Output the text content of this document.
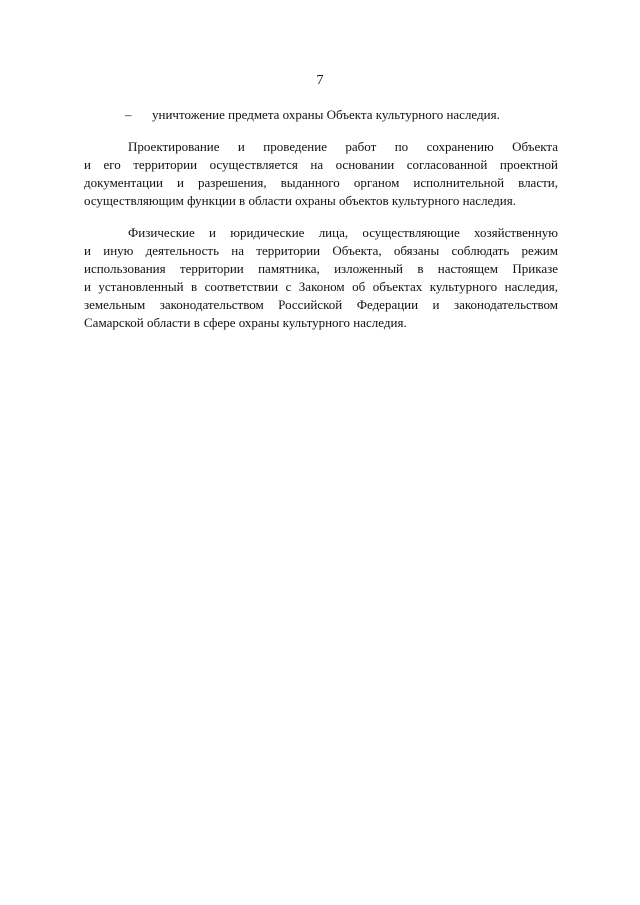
7
– уничтожение предмета охраны Объекта культурного наследия.
Проектирование и проведение работ по сохранению Объекта
и его территории осуществляется на основании согласованной проектной
документации и разрешения, выданного органом исполнительной власти,
осуществляющим функции в области охраны объектов культурного наследия.
Физические и юридические лица, осуществляющие хозяйственную
и иную деятельность на территории Объекта, обязаны соблюдать режим
использования территории памятника, изложенный в настоящем Приказе
и установленный в соответствии с Законом об объектах культурного наследия,
земельным законодательством Российской Федерации и законодательством
Самарской области в сфере охраны культурного наследия.
